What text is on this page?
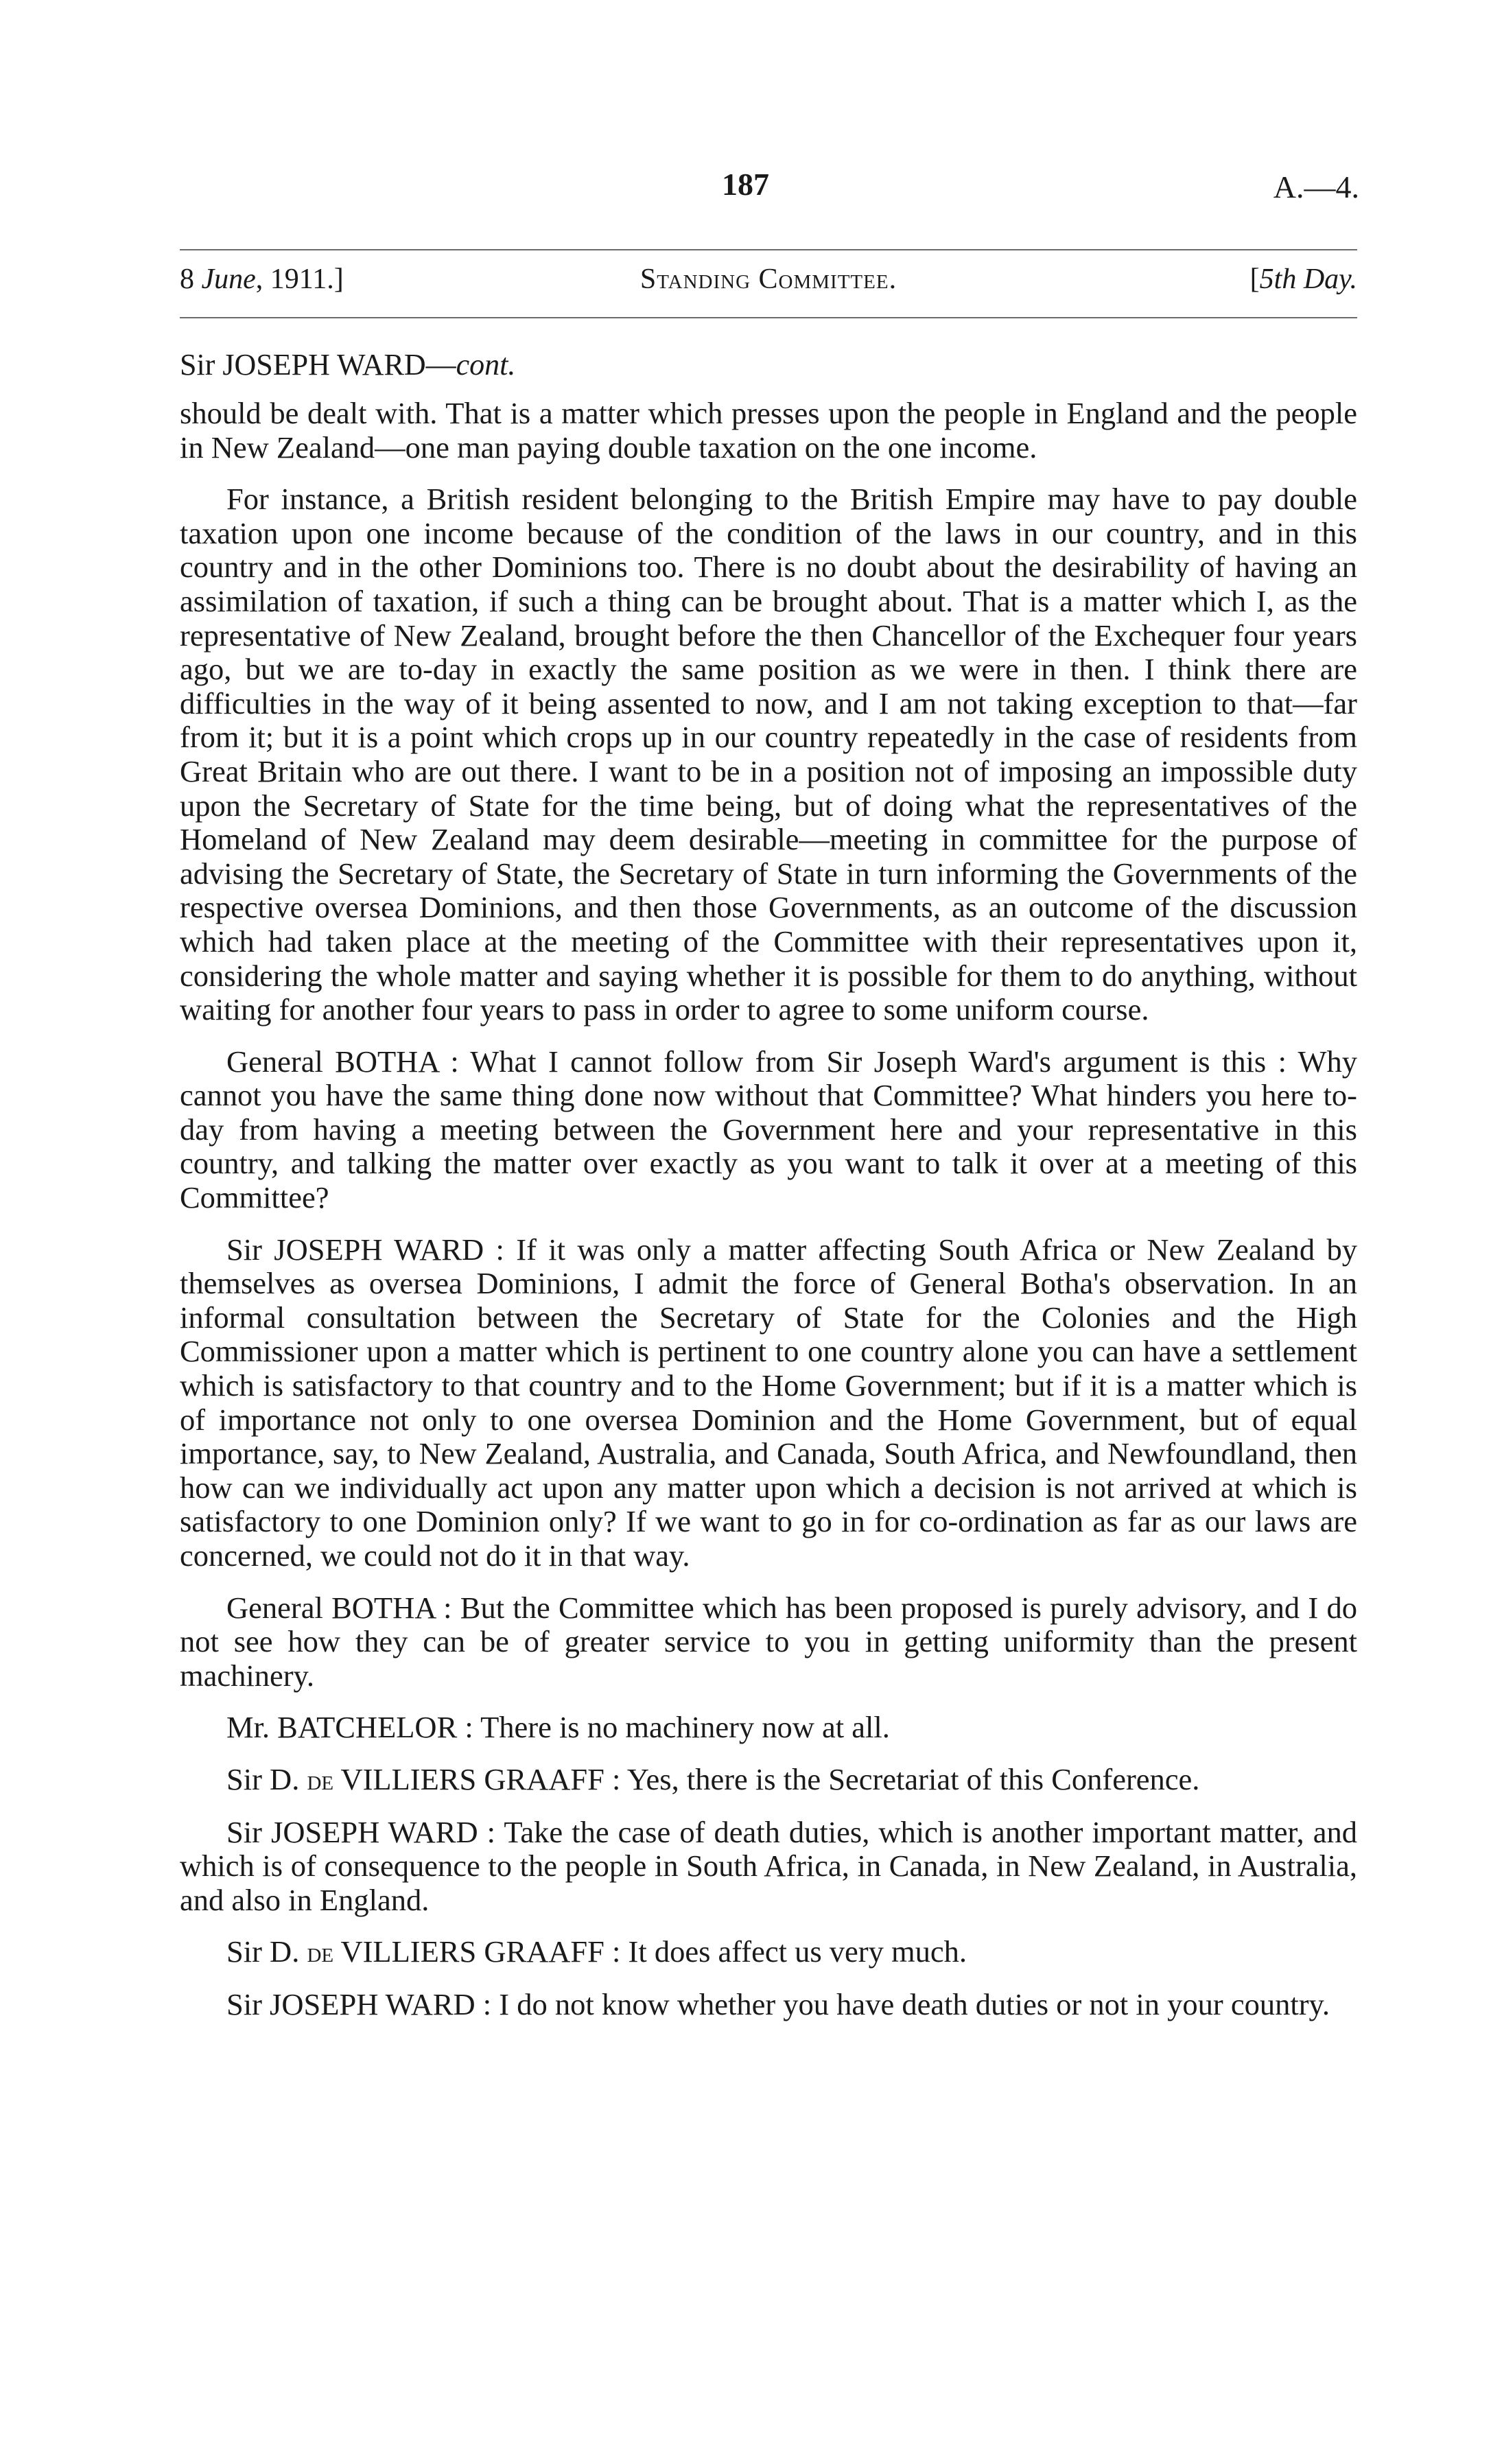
187	A.—4.
8 June, 1911.]	Standing Committee.	[5th Day.
Sir JOSEPH WARD—cont.

should be dealt with. That is a matter which presses upon the people in England and the people in New Zealand—one man paying double taxation on the one income.

For instance, a British resident belonging to the British Empire may have to pay double taxation upon one income because of the condition of the laws in our country, and in this country and in the other Dominions too. There is no doubt about the desirability of having an assimilation of taxation, if such a thing can be brought about. That is a matter which I, as the representative of New Zealand, brought before the then Chancellor of the Exchequer four years ago, but we are to-day in exactly the same position as we were in then. I think there are difficulties in the way of it being assented to now, and I am not taking exception to that—far from it; but it is a point which crops up in our country repeatedly in the case of residents from Great Britain who are out there. I want to be in a position not of imposing an impossible duty upon the Secretary of State for the time being, but of doing what the representatives of the Homeland of New Zealand may deem desirable—meeting in committee for the purpose of advising the Secretary of State, the Secretary of State in turn informing the Governments of the respective oversea Dominions, and then those Governments, as an outcome of the discussion which had taken place at the meeting of the Committee with their representatives upon it, considering the whole matter and saying whether it is possible for them to do anything, without waiting for another four years to pass in order to agree to some uniform course.

General BOTHA : What I cannot follow from Sir Joseph Ward's argument is this : Why cannot you have the same thing done now without that Committee? What hinders you here to-day from having a meeting between the Government here and your representative in this country, and talking the matter over exactly as you want to talk it over at a meeting of this Committee?

Sir JOSEPH WARD : If it was only a matter affecting South Africa or New Zealand by themselves as oversea Dominions, I admit the force of General Botha's observation. In an informal consultation between the Secretary of State for the Colonies and the High Commissioner upon a matter which is pertinent to one country alone you can have a settlement which is satisfactory to that country and to the Home Government; but if it is a matter which is of importance not only to one oversea Dominion and the Home Government, but of equal importance, say, to New Zealand, Australia, and Canada, South Africa, and Newfoundland, then how can we individually act upon any matter upon which a decision is not arrived at which is satisfactory to one Dominion only? If we want to go in for co-ordination as far as our laws are concerned, we could not do it in that way.

General BOTHA : But the Committee which has been proposed is purely advisory, and I do not see how they can be of greater service to you in getting uniformity than the present machinery.

Mr. BATCHELOR : There is no machinery now at all.

Sir D. de VILLIERS GRAAFF : Yes, there is the Secretariat of this Conference.

Sir JOSEPH WARD : Take the case of death duties, which is another important matter, and which is of consequence to the people in South Africa, in Canada, in New Zealand, in Australia, and also in England.

Sir D. de VILLIERS GRAAFF : It does affect us very much.

Sir JOSEPH WARD : I do not know whether you have death duties or not in your country.
